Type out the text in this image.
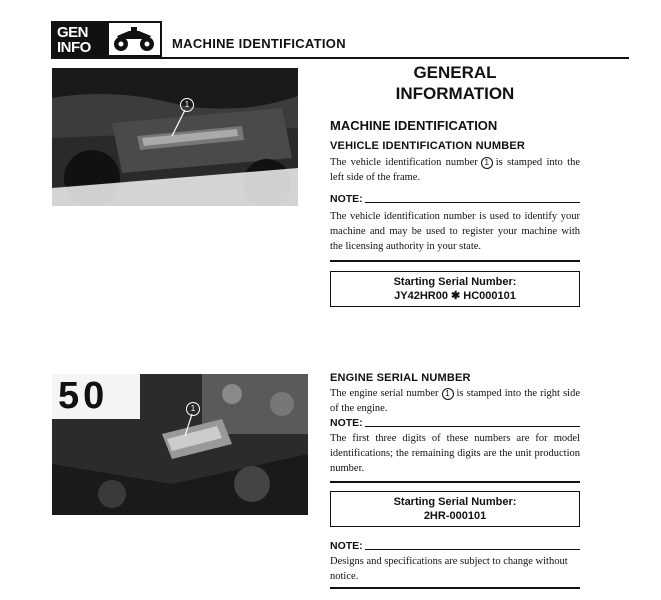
GEN
INFO	MACHINE IDENTIFICATION
1
50	1
GENERAL
INFORMATION
MACHINE IDENTIFICATION
VEHICLE IDENTIFICATION NUMBER
The vehicle identification number 1 is stamped into the left side of the frame.
NOTE:
The vehicle identification number is used to identify your machine and may be used to register your machine with the licensing authority in your state.
Starting Serial Number:
JY42HR00 ✱ HC000101
ENGINE SERIAL NUMBER
The engine serial number 1 is stamped into the right side of the engine.
NOTE:
The first three digits of these numbers are for model identifications; the remaining digits are the unit production number.
Starting Serial Number:
2HR-000101
NOTE:
Designs and specifications are subject to change without notice.
